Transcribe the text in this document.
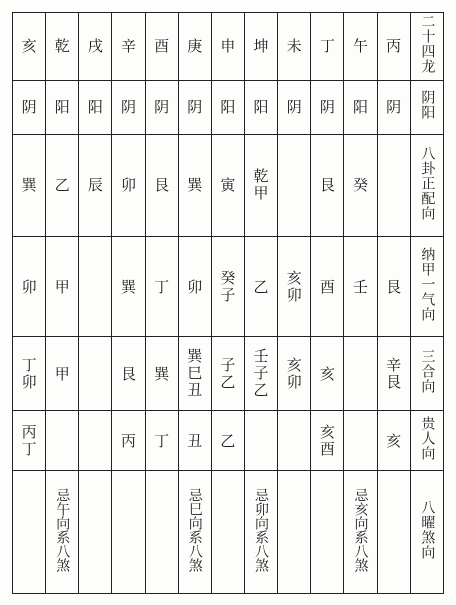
亥	乾	戌	辛	酉	庚	申	坤	未	丁	午	丙	二十四龙
阴	阳	阳	阴	阴	阴	阳	阳	阴	阴	阳	阴	阴阳
巽	乙	辰	卯	艮	巽	寅	乾甲		艮	癸		八卦正配向
卯	甲		巽	丁	卯	癸子	乙	亥卯	酉	壬	艮	纳甲一气向
丁卯	甲		艮	巽	巽巳丑	子乙	壬子乙	亥卯	亥		辛艮	三合向
丙丁			丙	丁	丑	乙			亥酉		亥	贵人向
	忌午向系八煞				忌巳向系八煞		忌卯向系八煞			忌亥向系八煞		八曜煞向
